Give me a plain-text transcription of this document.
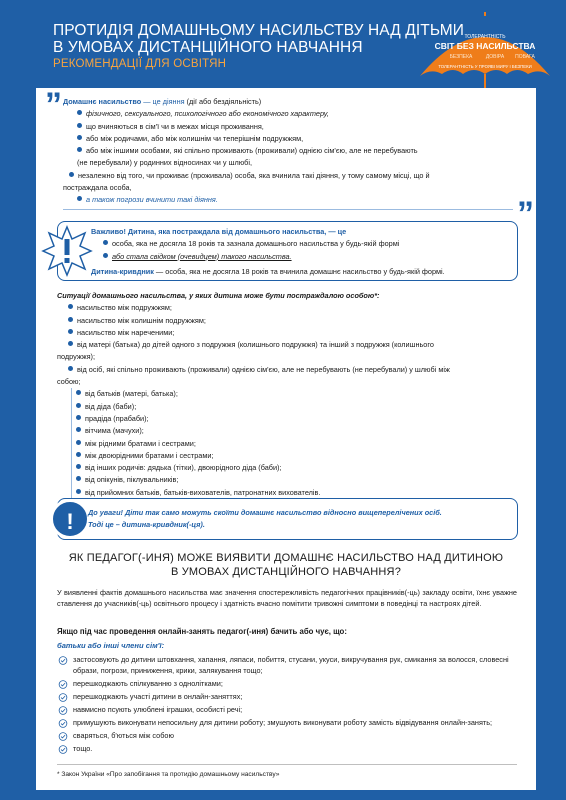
ПРОТИДІЯ ДОМАШНЬОМУ НАСИЛЬСТВУ НАД ДІТЬМИ
В УМОВАХ ДИСТАНЦІЙНОГО НАВЧАННЯ
РЕКОМЕНДАЦІЇ ДЛЯ ОСВІТЯН
ТОЛЕРАНТНІСТЬ
СВІТ БЕЗ НАСИЛЬСТВА
БЕЗПЕКА	ДОВІРА ПОВАГА
ТОЛЕРАНТНІСТЬ У ПРОЯВІ МИРУ І БЕЗПЕКИ
”
”
Домашнє насильство — це діяння (дії або бездіяльність)
фізичного, сексуального, психологічного або економічного характеру,
що вчиняються в сім'ї чи в межах місця проживання,
або між родичами, або між колишнім чи теперішнім подружжям,
або між іншими особами, які спільно проживають (проживали) однією сім'єю, але не перебувають
(не перебували) у родинних відносинах чи у шлюбі,
незалежно від того, чи проживає (проживала) особа, яка вчинила такі діяння, у тому самому місці, що й
постраждала особа,
а також погрози вчинити такі діяння.
Важливо! Дитина, яка постраждала від домашнього насильства, — це
особа, яка не досягла 18 років та зазнала домашнього насильства у будь-якій формі
або стала свідком (очевидцем) такого насильства.
Дитина-кривдник — особа, яка не досягла 18 років та вчинила домашнє насильство у будь-якій формі.
Ситуації домашнього насильства, у яких дитина може бути постраждалою особою*:
насильство між подружжям;
насильство між колишнім подружжям;
насильство між нареченими;
від матері (батька) до дітей одного з подружжя (колишнього подружжя) та інший з подружжя (колишнього
подружжя);
від осіб, які спільно проживають (проживали) однією сім'єю, але не перебувають (не перебували) у шлюбі між
собою;
від батьків (матері, батька);
від діда (баби);
прадіда (прабаби);
вітчима (мачухи);
між рідними братами і сестрами;
між двоюрідними братами і сестрами;
від інших родичів: дядька (тітки), двоюрідного діда (баби);
від опікунів, піклувальників;
від прийомних батьків, батьків-вихователів, патронатних вихователів.
!	До уваги! Діти так само можуть скоїти домашнє насильство відносно вищеперелічених осіб.
Тоді це – дитина-кривдник(-ця).
ЯК ПЕДАГОГ(-ИНЯ) МОЖЕ ВИЯВИТИ ДОМАШНЄ НАСИЛЬСТВО НАД ДИТИНОЮ
В УМОВАХ ДИСТАНЦІЙНОГО НАВЧАННЯ?
У виявленні фактів домашнього насильства має значення спостережливість педагогічних працівників(-ць) закладу освіти, їхнє уважне ставлення до учасників(-ць) освітнього процесу і здатність вчасно помітити тривожні симптоми в поведінці та настроях дітей.
Якщо під час проведення онлайн-занять педагог(-иня) бачить або чує, що:
батьки або інші члени сім'ї:
застосовують до дитини штовхання, хапання, ляпаси, побиття, стусани, укуси, викручування рук, смикання за волосся, словесні образи, погрози, приниження, крики, залякування тощо;
перешкоджають спілкуванню з однолітками;
перешкоджають участі дитини в онлайн-заняттях;
навмисно псують улюблені іграшки, особисті речі;
примушують виконувати непосильну для дитини роботу; змушують виконувати роботу замість відвідування онлайн-занять;
сваряться, б'ються між собою
тощо.
* Закон України «Про запобігання та протидію домашньому насильству»
